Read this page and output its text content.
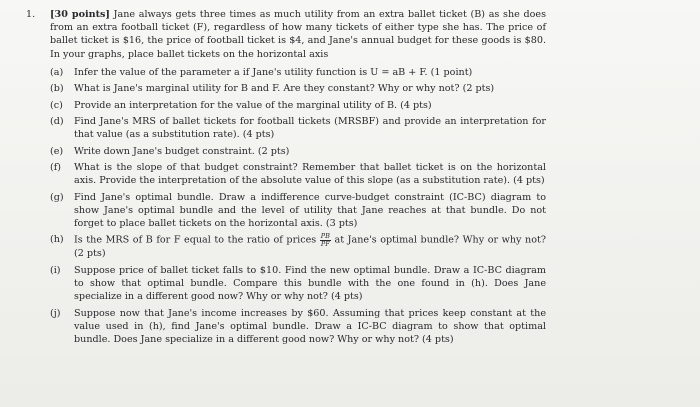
1. [30 points] Jane always gets three times as much utility from an extra ballet ticket (B) as she does from an extra football ticket (F), regardless of how many tickets of either type she has. The price of ballet ticket is $16, the price of football ticket is $4, and Jane's annual budget for these goods is $80. In your graphs, place ballet tickets on the horizontal axis
(a) Infer the value of the parameter a if Jane's utility function is U = aB + F. (1 point)
(b) What is Jane's marginal utility for B and F. Are they constant? Why or why not? (2 pts)
(c) Provide an interpretation for the value of the marginal utility of B. (4 pts)
(d) Find Jane's MRS of ballet tickets for football tickets (MRSBF) and provide an interpretation for that value (as a substitution rate). (4 pts)
(e) Write down Jane's budget constraint. (2 pts)
(f) What is the slope of that budget constraint? Remember that ballet ticket is on the horizontal axis. Provide the interpretation of the absolute value of this slope (as a substitution rate). (4 pts)
(g) Find Jane's optimal bundle. Draw a indifference curve-budget constraint (IC-BC) diagram to show Jane's optimal bundle and the level of utility that Jane reaches at that bundle. Do not forget to place ballet tickets on the horizontal axis. (3 pts)
(h) Is the MRS of B for F equal to the ratio of prices $\frac{PB}{PF}$ at Jane's optimal bundle? Why or why not? (2 pts)
(i) Suppose price of ballet ticket falls to $10. Find the new optimal bundle. Draw a IC-BC diagram to show that optimal bundle. Compare this bundle with the one found in (h). Does Jane specialize in a different good now? Why or why not? (4 pts)
(j) Suppose now that Jane's income increases by $60. Assuming that prices keep constant at the value used in (h), find Jane's optimal bundle. Draw a IC-BC diagram to show that optimal bundle. Does Jane specialize in a different good now? Why or why not? (4 pts)
